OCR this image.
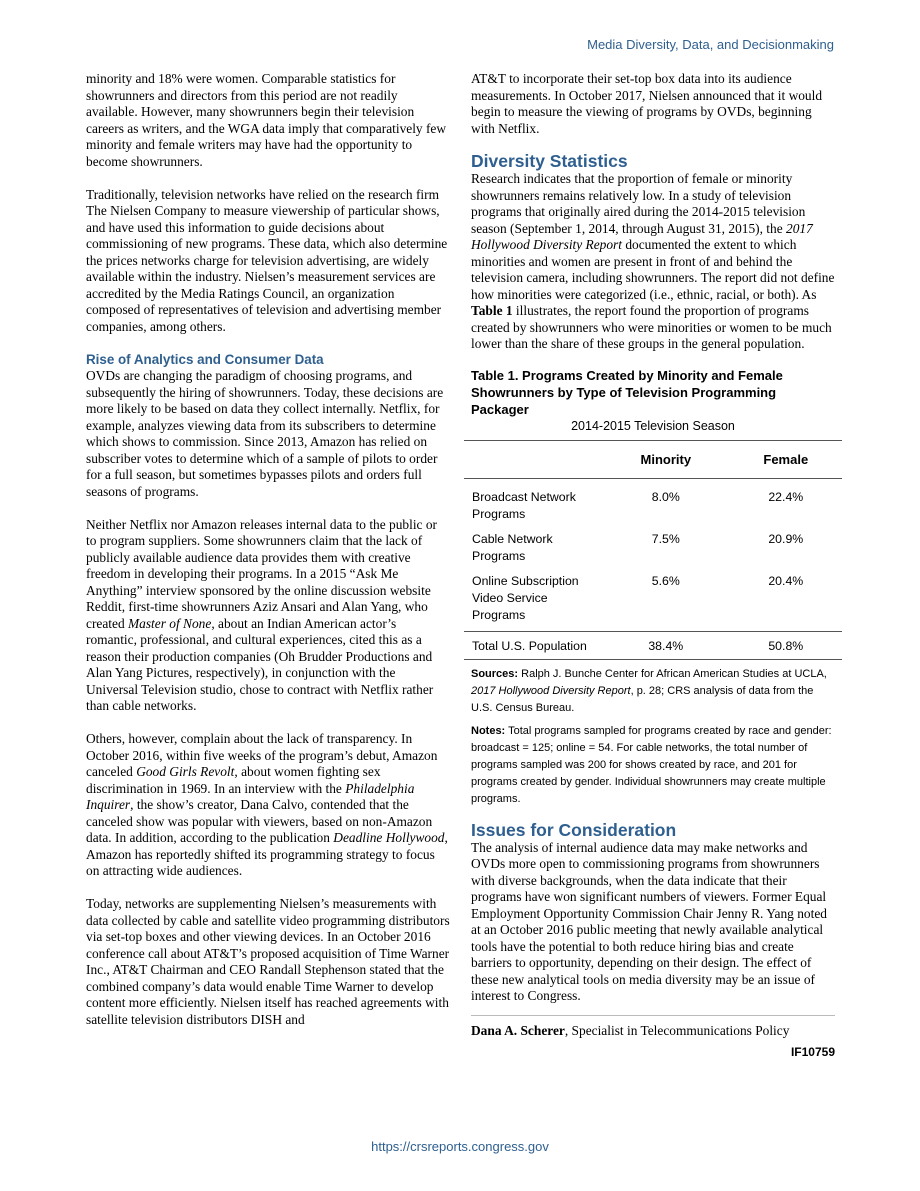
Media Diversity, Data, and Decisionmaking

minority and 18% were women. Comparable statistics for showrunners and directors from this period are not readily available. However, many showrunners begin their television careers as writers, and the WGA data imply that comparatively few minority and female writers may have had the opportunity to become showrunners.

Traditionally, television networks have relied on the research firm The Nielsen Company to measure viewership of particular shows, and have used this information to guide decisions about commissioning of new programs. These data, which also determine the prices networks charge for television advertising, are widely available within the industry. Nielsen’s measurement services are accredited by the Media Ratings Council, an organization composed of representatives of television and advertising member companies, among others.

Rise of Analytics and Consumer Data

OVDs are changing the paradigm of choosing programs, and subsequently the hiring of showrunners. Today, these decisions are more likely to be based on data they collect internally. Netflix, for example, analyzes viewing data from its subscribers to determine which shows to commission. Since 2013, Amazon has relied on subscriber votes to determine which of a sample of pilots to order for a full season, but sometimes bypasses pilots and orders full seasons of programs.

Neither Netflix nor Amazon releases internal data to the public or to program suppliers. Some showrunners claim that the lack of publicly available audience data provides them with creative freedom in developing their programs. In a 2015 “Ask Me Anything” interview sponsored by the online discussion website Reddit, first-time showrunners Aziz Ansari and Alan Yang, who created Master of None, about an Indian American actor’s romantic, professional, and cultural experiences, cited this as a reason their production companies (Oh Brudder Productions and Alan Yang Pictures, respectively), in conjunction with the Universal Television studio, chose to contract with Netflix rather than cable networks.

Others, however, complain about the lack of transparency. In October 2016, within five weeks of the program’s debut, Amazon canceled Good Girls Revolt, about women fighting sex discrimination in 1969. In an interview with the Philadelphia Inquirer, the show’s creator, Dana Calvo, contended that the canceled show was popular with viewers, based on non-Amazon data. In addition, according to the publication Deadline Hollywood, Amazon has reportedly shifted its programming strategy to focus on attracting wide audiences.

Today, networks are supplementing Nielsen’s measurements with data collected by cable and satellite video programming distributors via set-top boxes and other viewing devices. In an October 2016 conference call about AT&T’s proposed acquisition of Time Warner Inc., AT&T Chairman and CEO Randall Stephenson stated that the combined company’s data would enable Time Warner to develop content more efficiently. Nielsen itself has reached agreements with satellite television distributors DISH and

AT&T to incorporate their set-top box data into its audience measurements. In October 2017, Nielsen announced that it would begin to measure the viewing of programs by OVDs, beginning with Netflix.

Diversity Statistics

Research indicates that the proportion of female or minority showrunners remains relatively low. In a study of television programs that originally aired during the 2014-2015 television season (September 1, 2014, through August 31, 2015), the 2017 Hollywood Diversity Report documented the extent to which minorities and women are present in front of and behind the television camera, including showrunners. The report did not define how minorities were categorized (i.e., ethnic, racial, or both). As Table 1 illustrates, the report found the proportion of programs created by showrunners who were minorities or women to be much lower than the share of these groups in the general population.

Table 1. Programs Created by Minority and Female Showrunners by Type of Television Programming Packager
2014-2015 Television Season
	Minority	Female
Broadcast Network Programs	8.0%	22.4%
Cable Network Programs	7.5%	20.9%
Online Subscription Video Service Programs	5.6%	20.4%
Total U.S. Population	38.4%	50.8%

Sources: Ralph J. Bunche Center for African American Studies at UCLA, 2017 Hollywood Diversity Report, p. 28; CRS analysis of data from the U.S. Census Bureau.

Notes: Total programs sampled for programs created by race and gender: broadcast = 125; online = 54. For cable networks, the total number of programs sampled was 200 for shows created by race, and 201 for programs created by gender. Individual showrunners may create multiple programs.

Issues for Consideration

The analysis of internal audience data may make networks and OVDs more open to commissioning programs from showrunners with diverse backgrounds, when the data indicate that their programs have won significant numbers of viewers. Former Equal Employment Opportunity Commission Chair Jenny R. Yang noted at an October 2016 public meeting that newly available analytical tools have the potential to both reduce hiring bias and create barriers to opportunity, depending on their design. The effect of these new analytical tools on media diversity may be an issue of interest to Congress.

Dana A. Scherer, Specialist in Telecommunications Policy

IF10759
https://crsreports.congress.gov
